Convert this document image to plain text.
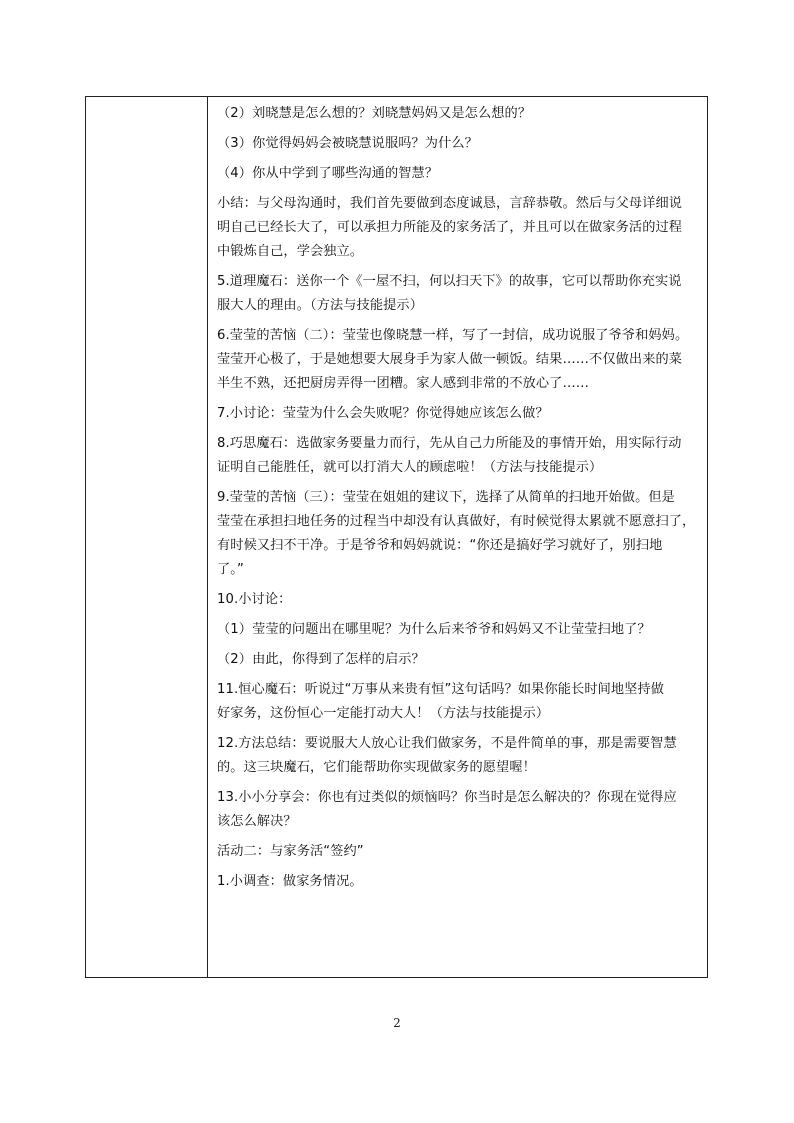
（2）刘晓慧是怎么想的？刘晓慧妈妈又是怎么想的？
（3）你觉得妈妈会被晓慧说服吗？为什么？
（4）你从中学到了哪些沟通的智慧？
小结：与父母沟通时，我们首先要做到态度诚恳，言辞恭敬。然后与父母详细说
明自己已经长大了，可以承担力所能及的家务活了，并且可以在做家务活的过程
中锻炼自己，学会独立。
5.道理魔石：送你一个《一屋不扫，何以扫天下》的故事，它可以帮助你充实说
服大人的理由。（方法与技能提示）
6.莹莹的苦恼（二）：莹莹也像晓慧一样，写了一封信，成功说服了爷爷和妈妈。
莹莹开心极了，于是她想要大展身手为家人做一顿饭。结果……不仅做出来的菜
半生不熟，还把厨房弄得一团糟。家人感到非常的不放心了……
7.小讨论：莹莹为什么会失败呢？你觉得她应该怎么做？
8.巧思魔石：选做家务要量力而行，先从自己力所能及的事情开始，用实际行动
证明自己能胜任，就可以打消大人的顾虑啦！（方法与技能提示）
9.莹莹的苦恼（三）：莹莹在姐姐的建议下，选择了从简单的扫地开始做。但是
莹莹在承担扫地任务的过程当中却没有认真做好，有时候觉得太累就不愿意扫了，
有时候又扫不干净。于是爷爷和妈妈就说：“你还是搞好学习就好了，别扫地
了。”
10.小讨论：
（1）莹莹的问题出在哪里呢？为什么后来爷爷和妈妈又不让莹莹扫地了？
（2）由此，你得到了怎样的启示？
11.恒心魔石：听说过“万事从来贵有恒”这句话吗？如果你能长时间地坚持做
好家务，这份恒心一定能打动大人！（方法与技能提示）
12.方法总结：要说服大人放心让我们做家务，不是件简单的事，那是需要智慧
的。这三块魔石，它们能帮助你实现做家务的愿望喔！
13.小小分享会：你也有过类似的烦恼吗？你当时是怎么解决的？你现在觉得应
该怎么解决？
活动二：与家务活“签约”
1.小调查：做家务情况。
2
